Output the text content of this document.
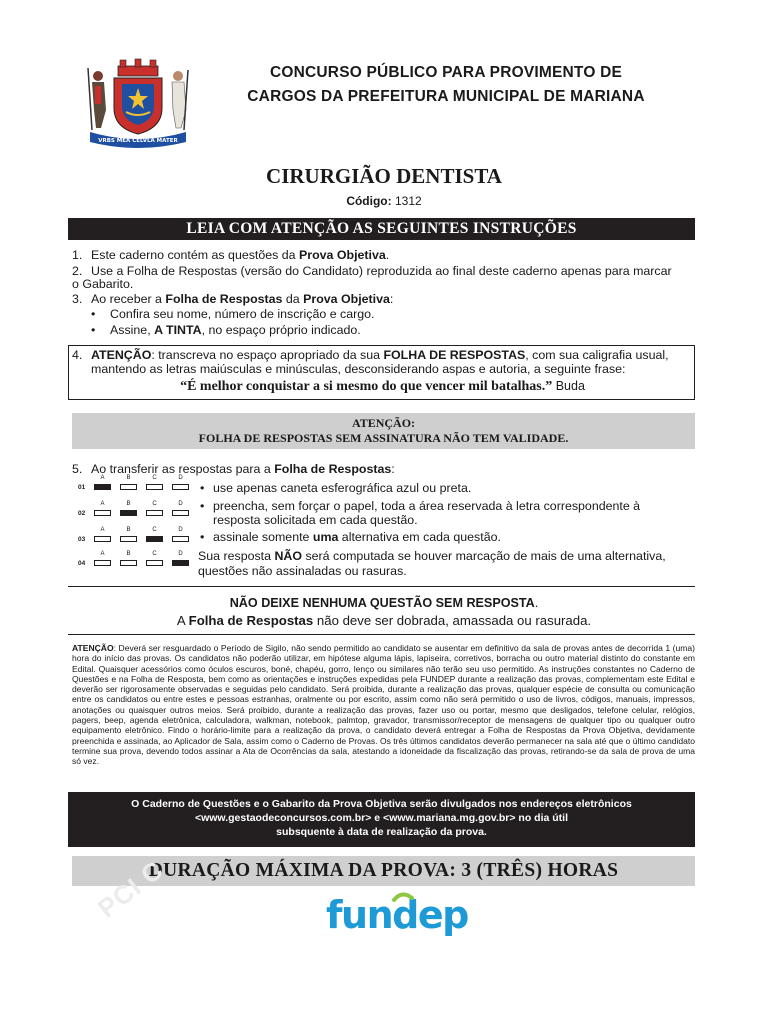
VRBS MEA CELVLA MATER
CONCURSO PÚBLICO PARA PROVIMENTO DE
CARGOS DA PREFEITURA MUNICIPAL DE MARIANA
CIRURGIÃO DENTISTA
Código: 1312
LEIA COM ATENÇÃO AS SEGUINTES INSTRUÇÕES
1. Este caderno contém as questões da Prova Objetiva.
2. Use a Folha de Respostas (versão do Candidato) reproduzida ao final deste caderno apenas para marcar
o Gabarito.
3. Ao receber a Folha de Respostas da Prova Objetiva:
• Confira seu nome, número de inscrição e cargo.
• Assine, A TINTA, no espaço próprio indicado.
4. ATENÇÃO: transcreva no espaço apropriado da sua FOLHA DE RESPOSTAS, com sua caligrafia usual,
mantendo as letras maiúsculas e minúsculas, desconsiderando aspas e autoria, a seguinte frase:
“É melhor conquistar a si mesmo do que vencer mil batalhas.” Buda
ATENÇÃO:
FOLHA DE RESPOSTAS SEM ASSINATURA NÃO TEM VALIDADE.
5. Ao transferir as respostas para a Folha de Respostas:
01
A	B	C	D
02
A	B	C	D
03
A	B	C	D
04
A	B	C	D
• use apenas caneta esferográfica azul ou preta.
• preencha, sem forçar o papel, toda a área reservada à letra correspondente à
resposta solicitada em cada questão.
• assinale somente uma alternativa em cada questão.
Sua resposta NÃO será computada se houver marcação de mais de uma alternativa,
questões não assinaladas ou rasuras.
NÃO DEIXE NENHUMA QUESTÃO SEM RESPOSTA.
A Folha de Respostas não deve ser dobrada, amassada ou rasurada.
ATENÇÃO: Deverá ser resguardado o Período de Sigilo, não sendo permitido ao candidato se ausentar em definitivo da sala de provas antes de decorrida 1 (uma) hora do início das provas. Os candidatos não poderão utilizar, em hipótese alguma lápis, lapiseira, corretivos, borracha ou outro material distinto do constante em Edital. Quaisquer acessórios como óculos escuros, boné, chapéu, gorro, lenço ou similares não terão seu uso permitido. As instruções constantes no Caderno de Questões e na Folha de Resposta, bem como as orientações e instruções expedidas pela FUNDEP durante a realização das provas, complementam este Edital e deverão ser rigorosamente observadas e seguidas pelo candidato. Será proibida, durante a realização das provas, qualquer espécie de consulta ou comunicação entre os candidatos ou entre estes e pessoas estranhas, oralmente ou por escrito, assim como não será permitido o uso de livros, códigos, manuais, impressos, anotações ou quaisquer outros meios. Será proibido, durante a realização das provas, fazer uso ou portar, mesmo que desligados, telefone celular, relógios, pagers, beep, agenda eletrônica, calculadora, walkman, notebook, palmtop, gravador, transmissor/receptor de mensagens de qualquer tipo ou qualquer outro equipamento eletrônico. Findo o horário-limite para a realização da prova, o candidato deverá entregar a Folha de Respostas da Prova Objetiva, devidamente preenchida e assinada, ao Aplicador de Sala, assim como o Caderno de Provas. Os três últimos candidatos deverão permanecer na sala até que o último candidato termine sua prova, devendo todos assinar a Ata de Ocorrências da sala, atestando a idoneidade da fiscalização das provas, retirando-se da sala de prova de uma só vez.
O Caderno de Questões e o Gabarito da Prova Objetiva serão divulgados nos endereços eletrônicos
<www.gestaodeconcursos.com.br> e <www.mariana.mg.gov.br> no dia útil
subsquente à data de realização da prova.
DURAÇÃO MÁXIMA DA PROVA: 3 (TRÊS) HORAS
PCI C	fundep
